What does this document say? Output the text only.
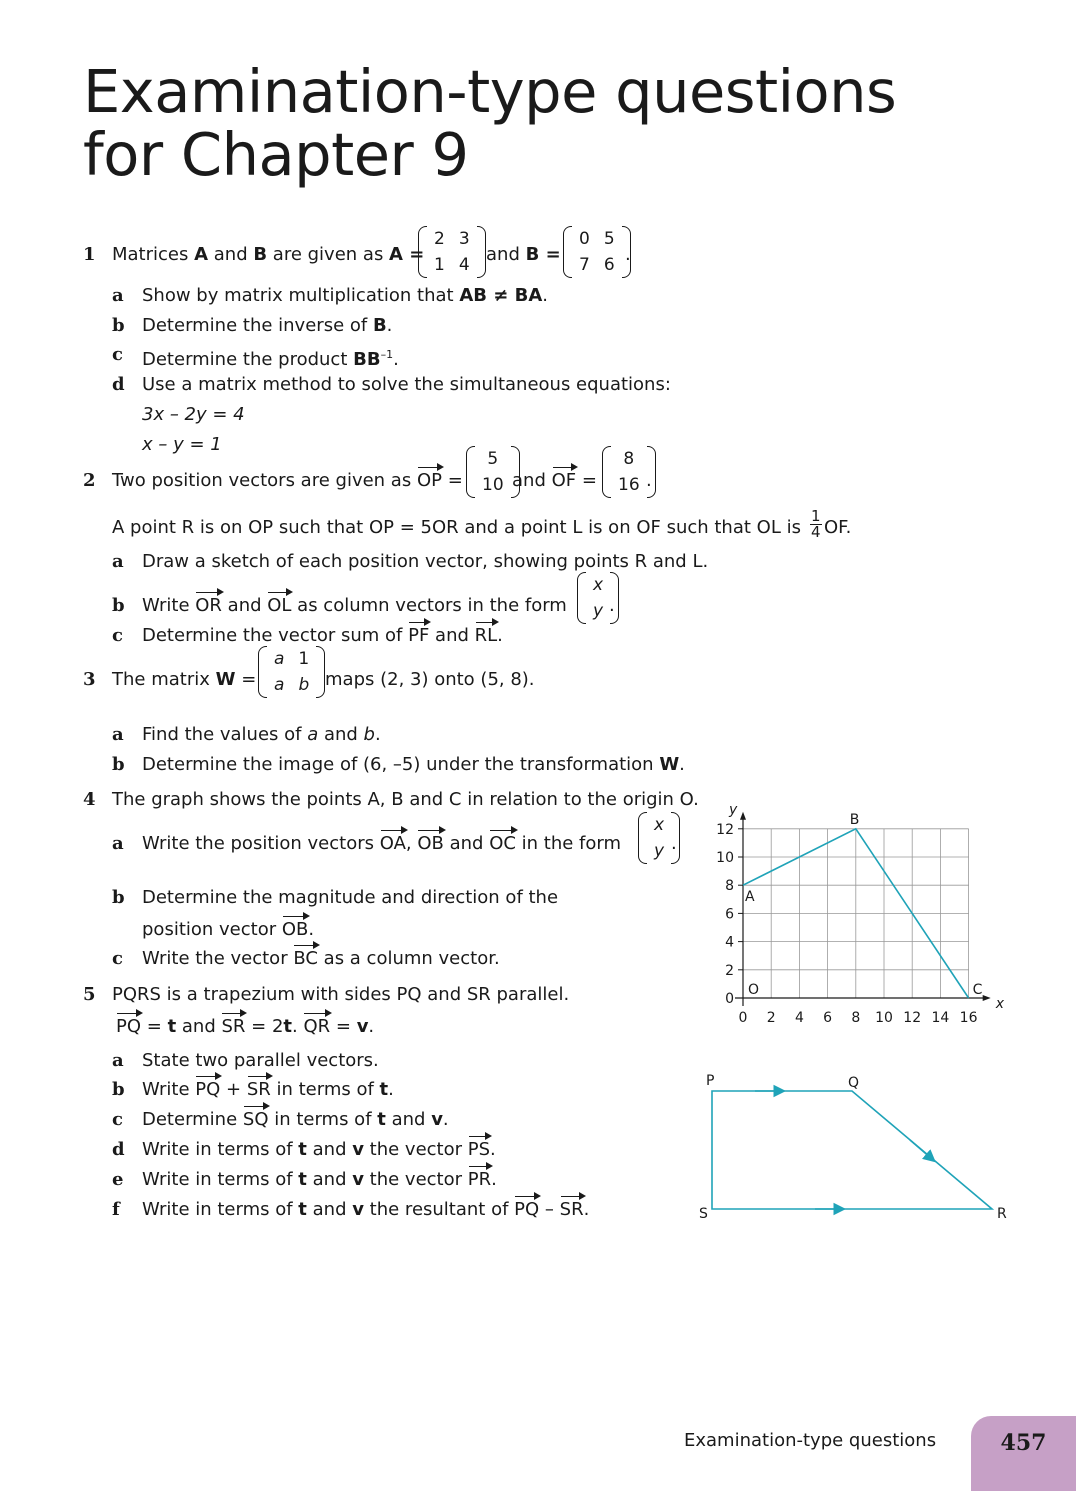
Examination-type questions for Chapter 9
1 Matrices A and B are given as A =
2	3
1	4 and B =
0	5
7	6 .
a Show by matrix multiplication that AB ≠ BA.
b Determine the inverse of B.
c Determine the product $BB^{-1}$.
d Use a matrix method to solve the simultaneous equations:
3x – 2y = 4
x – y = 1
2 Two position vectors are given as OP =
5
10 and OF =
8
16 .
A point R is on OP such that OP = 5OR and a point L is on OF such that OL is $\frac{1}{4}$ OF.
a Draw a sketch of each position vector, showing points R and L.
b Write OR and OL as column vectors in the form
x
y .
c Determine the vector sum of PF and RL.
3 The matrix W =
a	1
a	b maps (2, 3) onto (5, 8).
a Find the values of a and b.
b Determine the image of (6, –5) under the transformation W.
4 The graph shows the points A, B and C in relation to the origin O.
a Write the position vectors OA, OB and OC in the form
x
y .
b Determine the magnitude and direction of the
position vector OB.
c Write the vector BC as a column vector.
5 PQRS is a trapezium with sides PQ and SR parallel.
PQ = t and SR = 2t. QR = v.
a State two parallel vectors.
b Write PQ + SR in terms of t.
c Determine SQ in terms of t and v.
d Write in terms of t and v the vector PS.
e Write in terms of t and v the vector PR.
f Write in terms of t and v the resultant of PQ – SR.
0
2
4
6
8
10
12
0 2 4 6 8 10 12 14 16
A
B
C
O
y
x
P	Q
R
S
Examination-type questions	457
